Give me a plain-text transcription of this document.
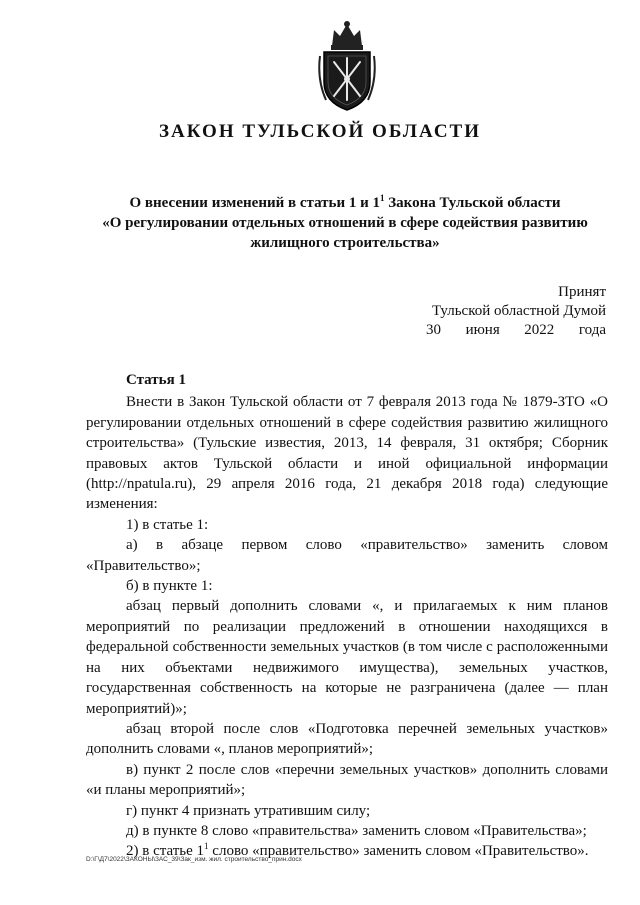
ЗАКОН ТУЛЬСКОЙ ОБЛАСТИ
О внесении изменений в статьи 1 и $1^1$ Закона Тульской области
«О регулировании отдельных отношений в сфере содействия развитию
жилищного строительства»
Принят
Тульской областной Думой
30 июня 2022 года

Статья 1

Внести в Закон Тульской области от 7 февраля 2013 года № 1879-ЗТО «О регулировании отдельных отношений в сфере содействия развитию жилищного строительства» (Тульские известия, 2013, 14 февраля, 31 октября; Сборник правовых актов Тульской области и иной официальной информации (http://npatula.ru), 29 апреля 2016 года, 21 декабря 2018 года) следующие изменения:

1) в статье 1:

а) в абзаце первом слово «правительство» заменить словом «Правительство»;

б) в пункте 1:

абзац первый дополнить словами «, и прилагаемых к ним планов мероприятий по реализации предложений в отношении находящихся в федеральной собственности земельных участков (в том числе с расположенными на них объектами недвижимого имущества), земельных участков, государственная собственность на которые не разграничена (далее — план мероприятий)»;

абзац второй после слов «Подготовка перечней земельных участков» дополнить словами «, планов мероприятий»;

в) пункт 2 после слов «перечни земельных участков» дополнить словами «и планы мероприятий»;

г) пункт 4 признать утратившим силу;

д) в пункте 8 слово «правительства» заменить словом «Правительства»;

2) в статье $1^1$ слово «правительство» заменить словом «Правительство».

D:\Г\Д7\2022\ЗАКОНЫ\ЗАС_39\Зак_изм. жил. строительство_прин.docx
